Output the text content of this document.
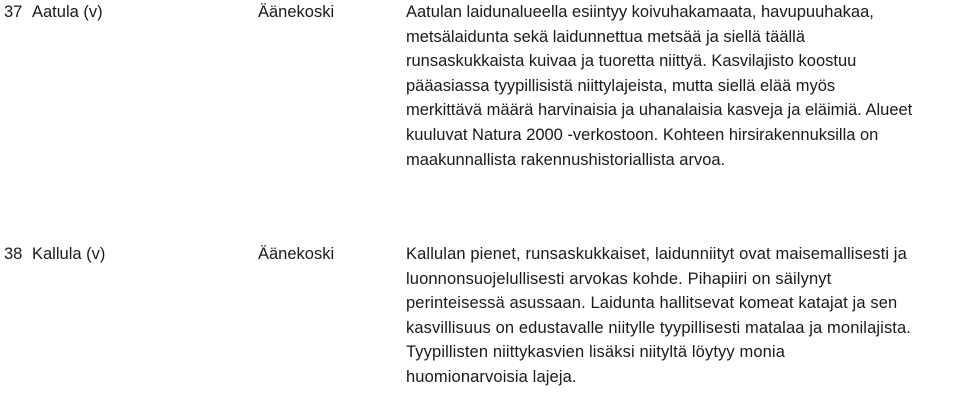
37 Aatula (v)	Äänekoski	Aatulan laidunalueella esiintyy koivuhakamaata, havupuuhakaa,
metsälaidunta sekä laidunnettua metsää ja siellä täällä
runsaskukkaista kuivaa ja tuoretta niittyä. Kasvilajisto koostuu
pääasiassa tyypillisistä niittylajeista, mutta siellä elää myös
merkittävä määrä harvinaisia ja uhanalaisia kasveja ja eläimiä. Alueet
kuuluvat Natura 2000 -verkostoon. Kohteen hirsirakennuksilla on
maakunnallista rakennushistoriallista arvoa.
38 Kallula (v)	Äänekoski	Kallulan pienet, runsaskukkaiset, laidunniityt ovat maisemallisesti ja
luonnonsuojelullisesti arvokas kohde. Pihapiiri on säilynyt
perinteisessä asussaan. Laidunta hallitsevat komeat katajat ja sen
kasvillisuus on edustavalle niitylle tyypillisesti matalaa ja monilajista.
Tyypillisten niittykasvien lisäksi niityltä löytyy monia
huomionarvoisia lajeja.
